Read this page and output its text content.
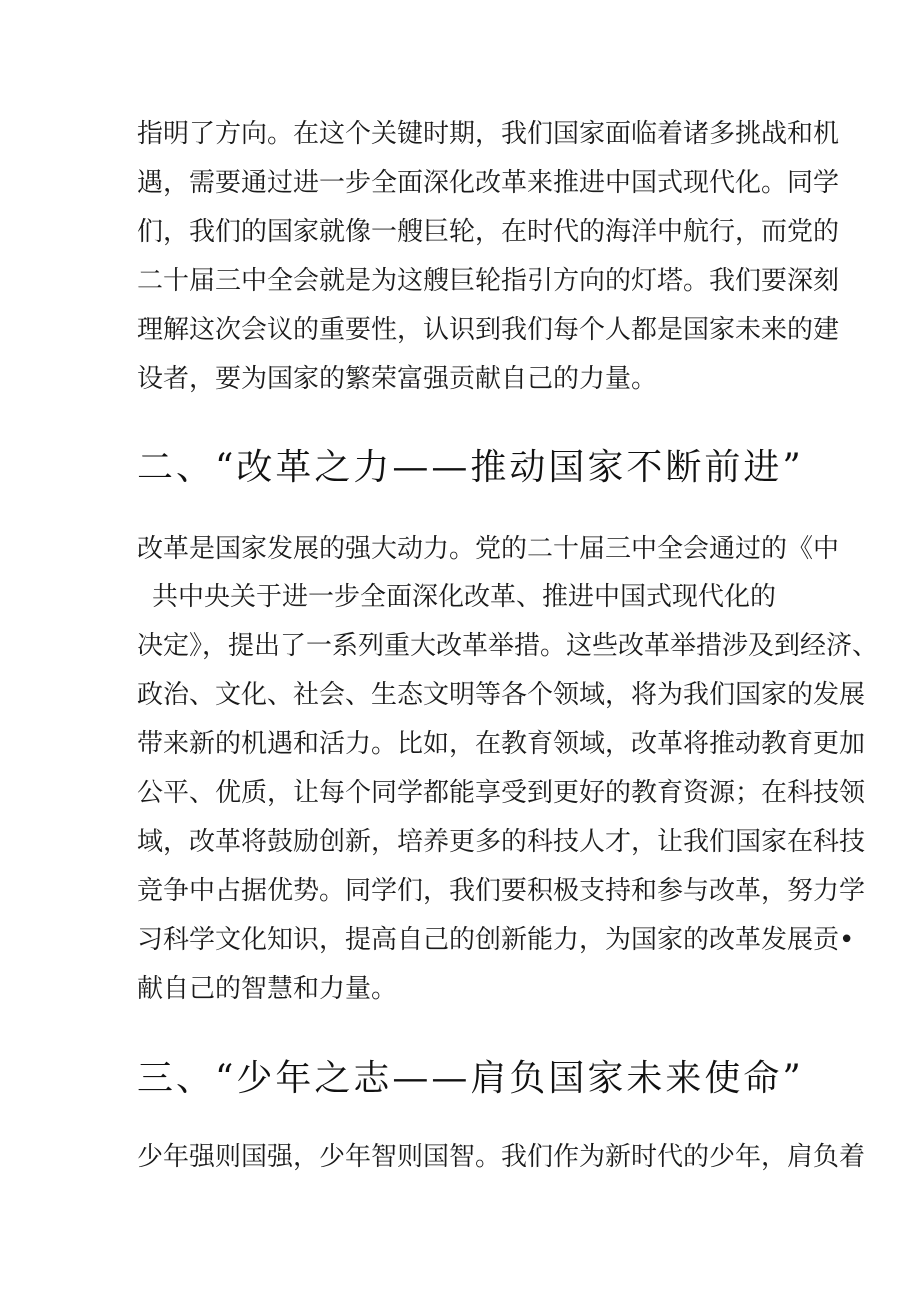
指明了方向。在这个关键时期，我们国家面临着诸多挑战和机

遇，需要通过进一步全面深化改革来推进中国式现代化。同学

们，我们的国家就像一艘巨轮，在时代的海洋中航行，而党的

二十届三中全会就是为这艘巨轮指引方向的灯塔。我们要深刻

理解这次会议的重要性，认识到我们每个人都是国家未来的建

设者，要为国家的繁荣富强贡献自己的力量。

二、“改革之力——推动国家不断前进”

改革是国家发展的强大动力。党的二十届三中全会通过的《中

共中央关于进一步全面深化改革、推进中国式现代化的

决定》，提出了一系列重大改革举措。这些改革举措涉及到经济、

政治、文化、社会、生态文明等各个领域，将为我们国家的发展

带来新的机遇和活力。比如，在教育领域，改革将推动教育更加

公平、优质，让每个同学都能享受到更好的教育资源；在科技领

域，改革将鼓励创新，培养更多的科技人才，让我们国家在科技

竞争中占据优势。同学们，我们要积极支持和参与改革，努力学

习科学文化知识，提高自己的创新能力，为国家的改革发展贡•

献自己的智慧和力量。

三、“少年之志——肩负国家未来使命”

少年强则国强，少年智则国智。我们作为新时代的少年，肩负着
